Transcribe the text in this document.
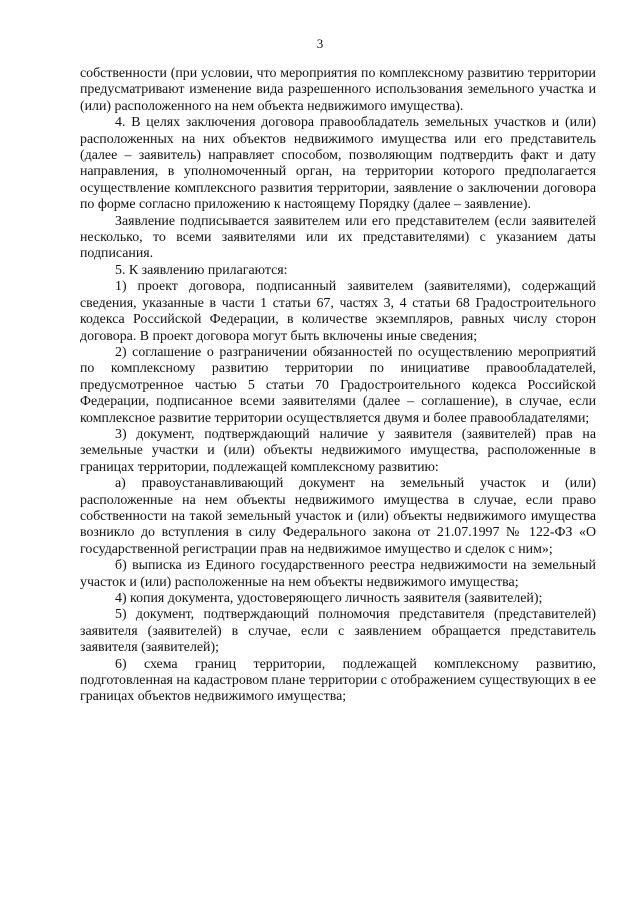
3

собственности (при условии, что мероприятия по комплексному развитию территории предусматривают изменение вида разрешенного использования земельного участка и (или) расположенного на нем объекта недвижимого имущества).

4. В целях заключения договора правообладатель земельных участков и (или) расположенных на них объектов недвижимого имущества или его представитель (далее – заявитель) направляет способом, позволяющим подтвердить факт и дату направления, в уполномоченный орган, на территории которого предполагается осуществление комплексного развития территории, заявление о заключении договора по форме согласно приложению к настоящему Порядку (далее – заявление).

Заявление подписывается заявителем или его представителем (если заявителей несколько, то всеми заявителями или их представителями) с указанием даты подписания.

5. К заявлению прилагаются:

1) проект договора, подписанный заявителем (заявителями), содержащий сведения, указанные в части 1 статьи 67, частях 3, 4 статьи 68 Градостроительного кодекса Российской Федерации, в количестве экземпляров, равных числу сторон договора. В проект договора могут быть включены иные сведения;

2) соглашение о разграничении обязанностей по осуществлению мероприятий по комплексному развитию территории по инициативе правообладателей, предусмотренное частью 5 статьи 70 Градостроительного кодекса Российской Федерации, подписанное всеми заявителями (далее – соглашение), в случае, если комплексное развитие территории осуществляется двумя и более правообладателями;

3) документ, подтверждающий наличие у заявителя (заявителей) прав на земельные участки и (или) объекты недвижимого имущества, расположенные в границах территории, подлежащей комплексному развитию:

а) правоустанавливающий документ на земельный участок и (или) расположенные на нем объекты недвижимого имущества в случае, если право собственности на такой земельный участок и (или) объекты недвижимого имущества возникло до вступления в силу Федерального закона от 21.07.1997 № 122-ФЗ «О государственной регистрации прав на недвижимое имущество и сделок с ним»;

б) выписка из Единого государственного реестра недвижимости на земельный участок и (или) расположенные на нем объекты недвижимого имущества;

4) копия документа, удостоверяющего личность заявителя (заявителей);

5) документ, подтверждающий полномочия представителя (представителей) заявителя (заявителей) в случае, если с заявлением обращается представитель заявителя (заявителей);

6) схема границ территории, подлежащей комплексному развитию, подготовленная на кадастровом плане территории с отображением существующих в ее границах объектов недвижимого имущества;
